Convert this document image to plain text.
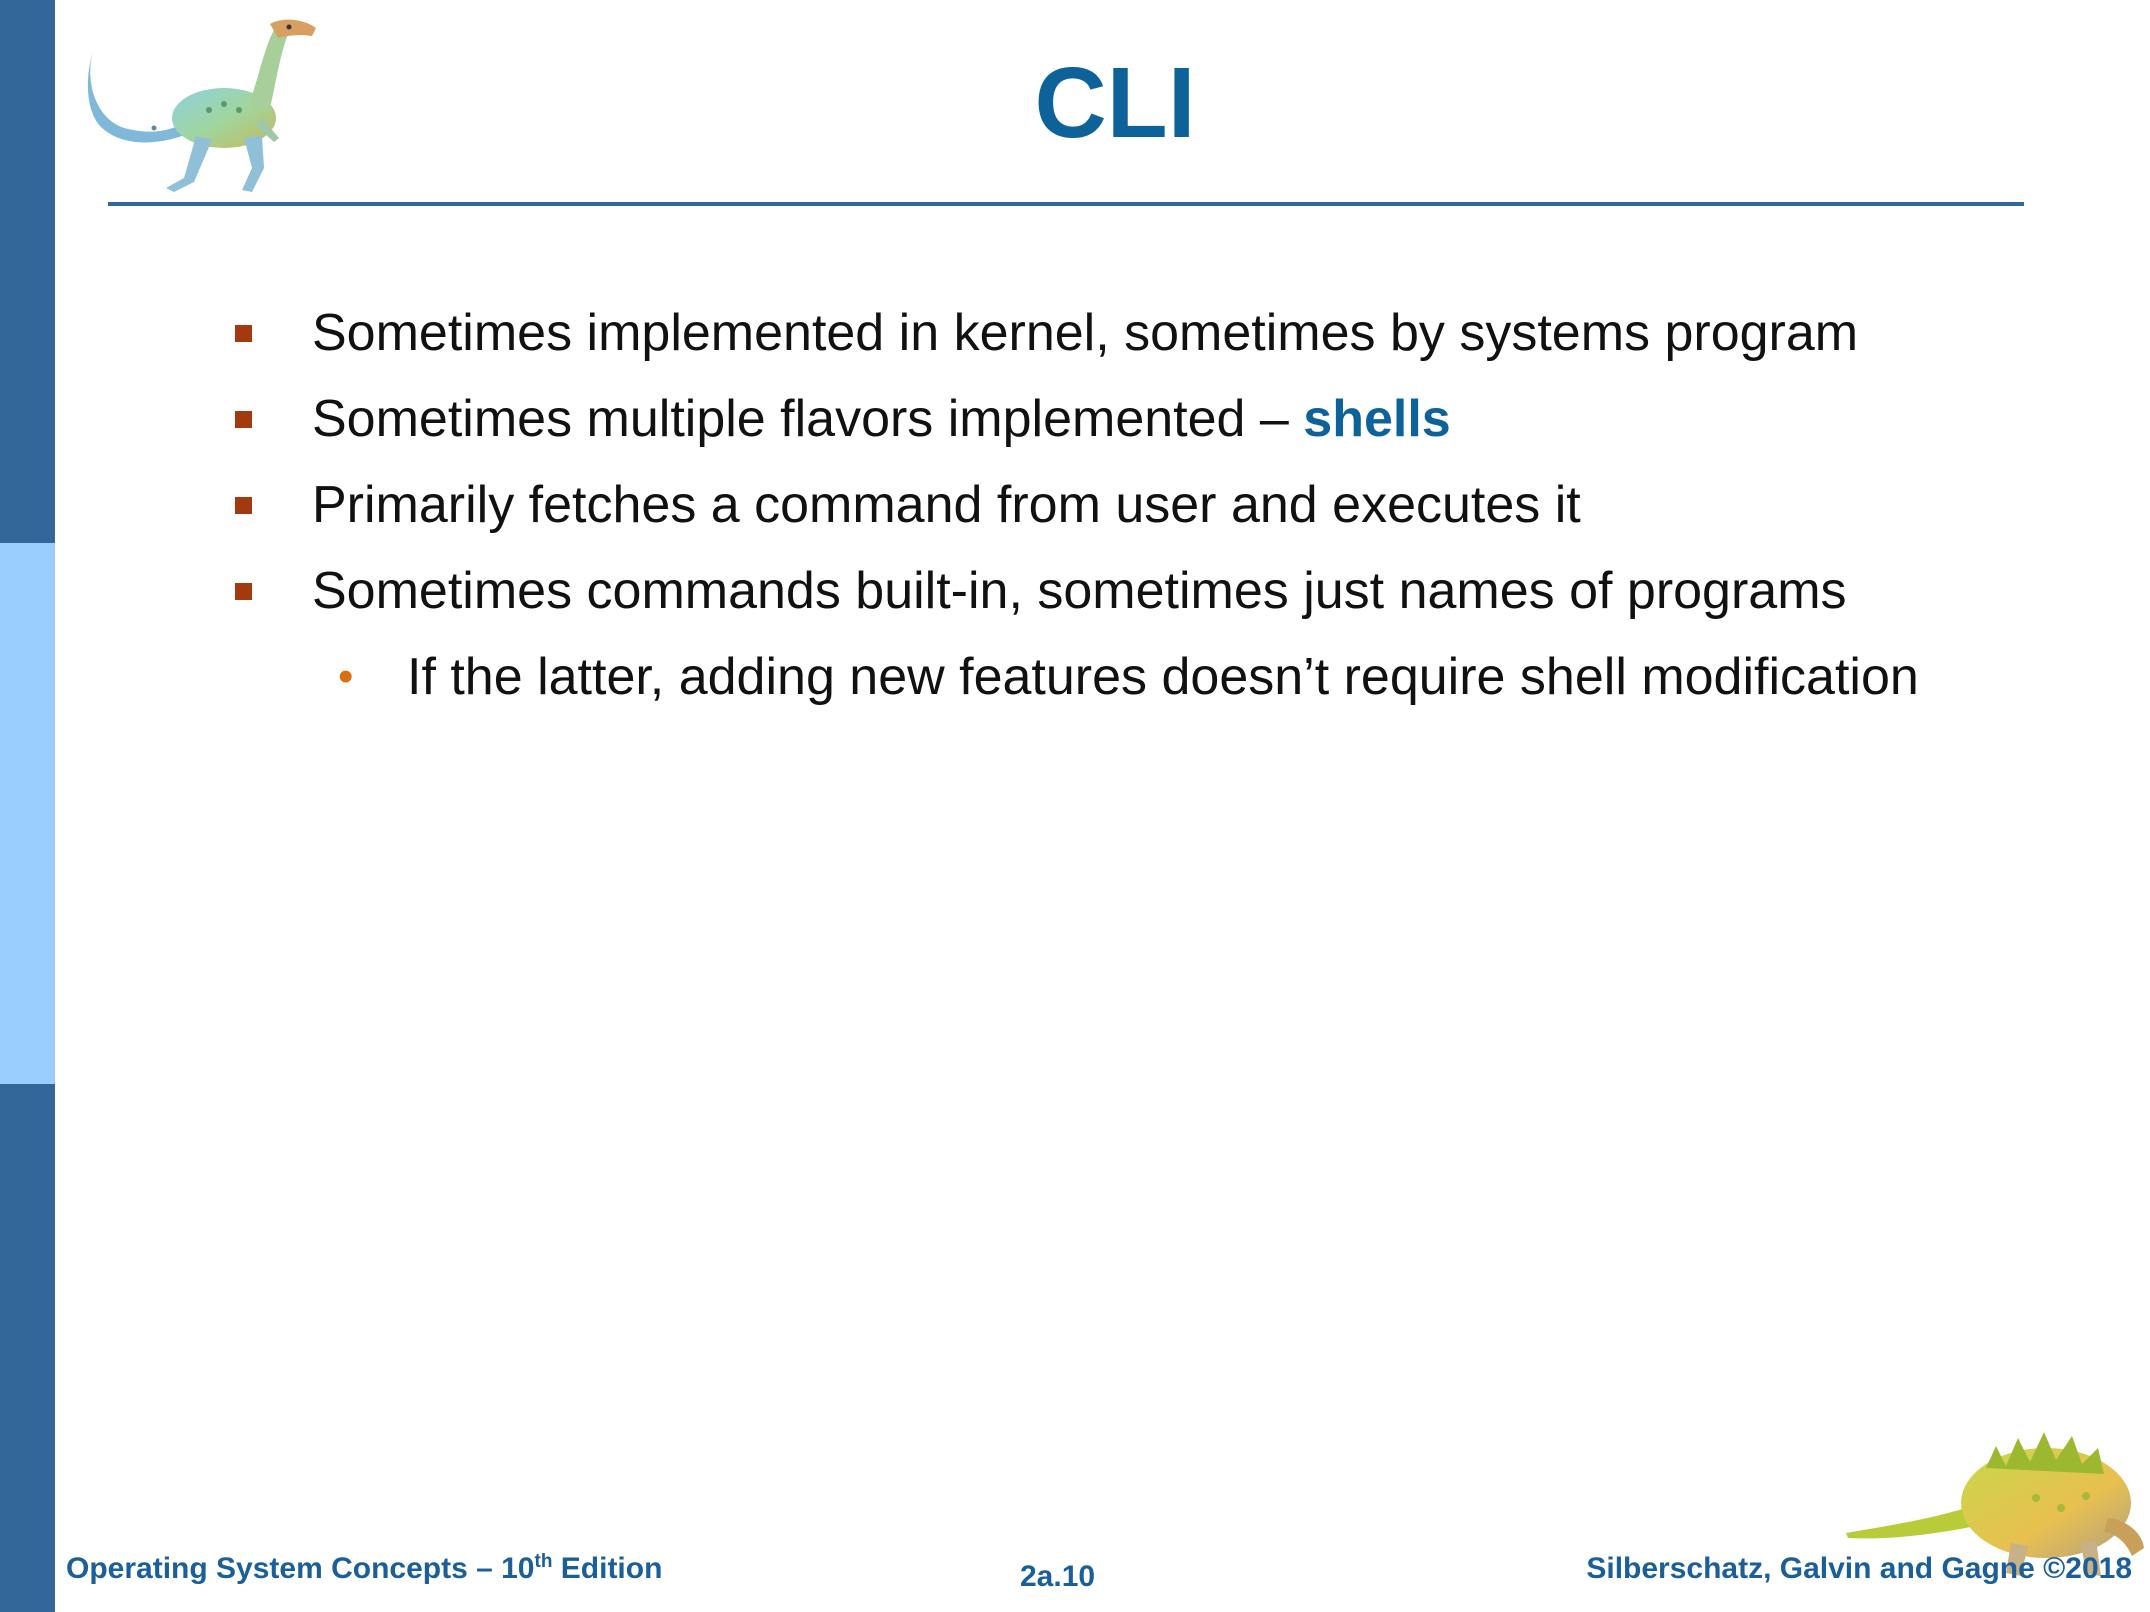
CLI
Sometimes implemented in kernel, sometimes by systems program
Sometimes multiple flavors implemented – shells
Primarily fetches a command from user and executes it
Sometimes commands built-in, sometimes just names of programs
• If the latter, adding new features doesn’t require shell modification
Operating System Concepts – 10th Edition	2a.10	Silberschatz, Galvin and Gagne ©2018
